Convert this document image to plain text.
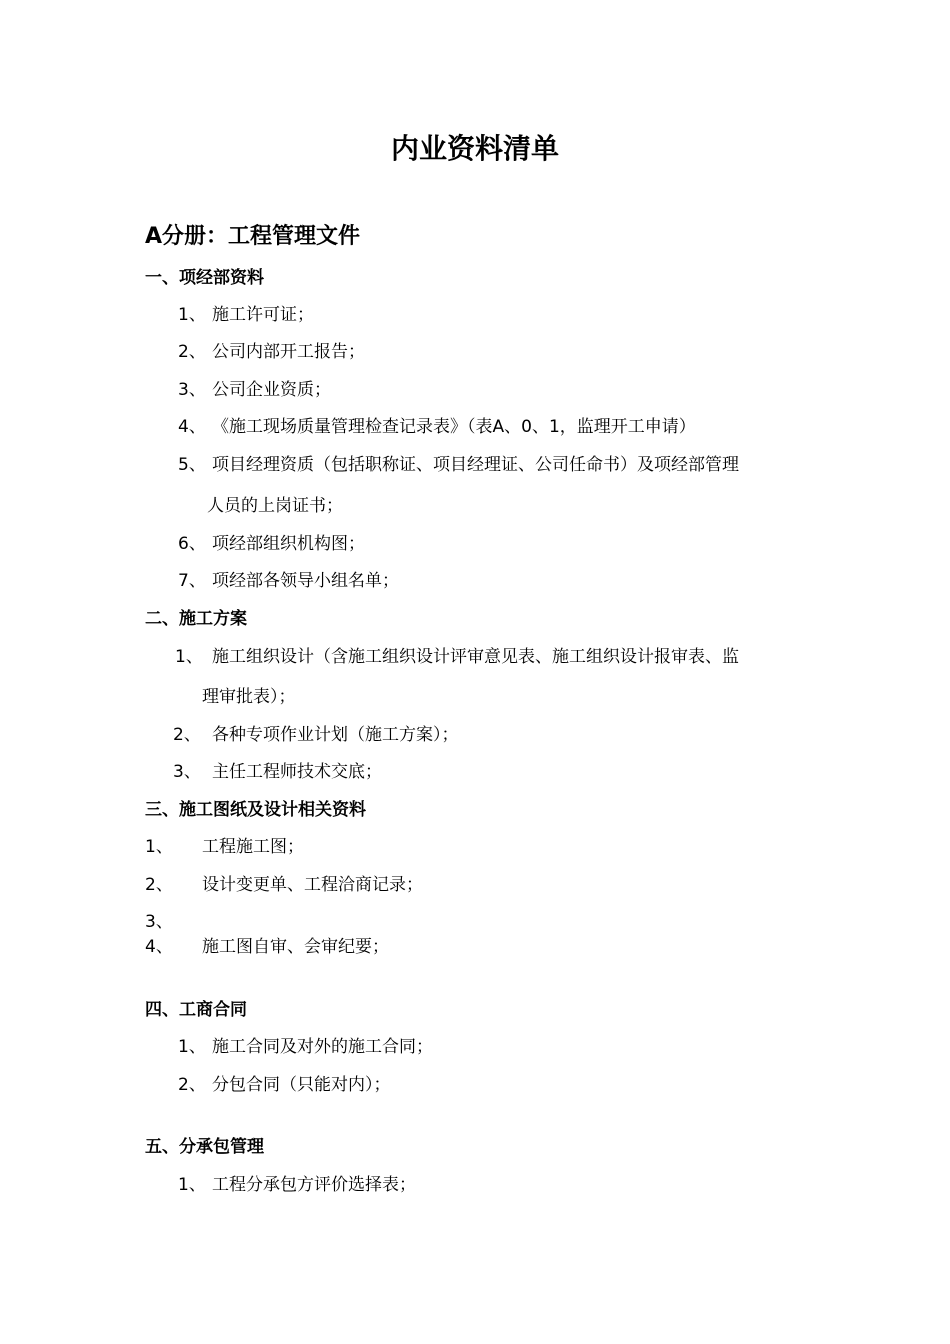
内业资料清单
A分册：工程管理文件
一、项经部资料
1、 施工许可证；
2、 公司内部开工报告；
3、 公司企业资质；
4、 《施工现场质量管理检查记录表》（表A、0、1，监理开工申请）
5、 项目经理资质（包括职称证、项目经理证、公司任命书）及项经部管理
人员的上岗证书；
6、 项经部组织机构图；
7、 项经部各领导小组名单；
二、施工方案
1、 施工组织设计（含施工组织设计评审意见表、施工组织设计报审表、监
理审批表）；
2、 各种专项作业计划（施工方案）；
3、 主任工程师技术交底；
三、施工图纸及设计相关资料
1、 工程施工图；
2、 设计变更单、工程洽商记录；
3、
4、 施工图自审、会审纪要；
四、工商合同
1、 施工合同及对外的施工合同；
2、 分包合同（只能对内）；
五、分承包管理
1、 工程分承包方评价选择表；
